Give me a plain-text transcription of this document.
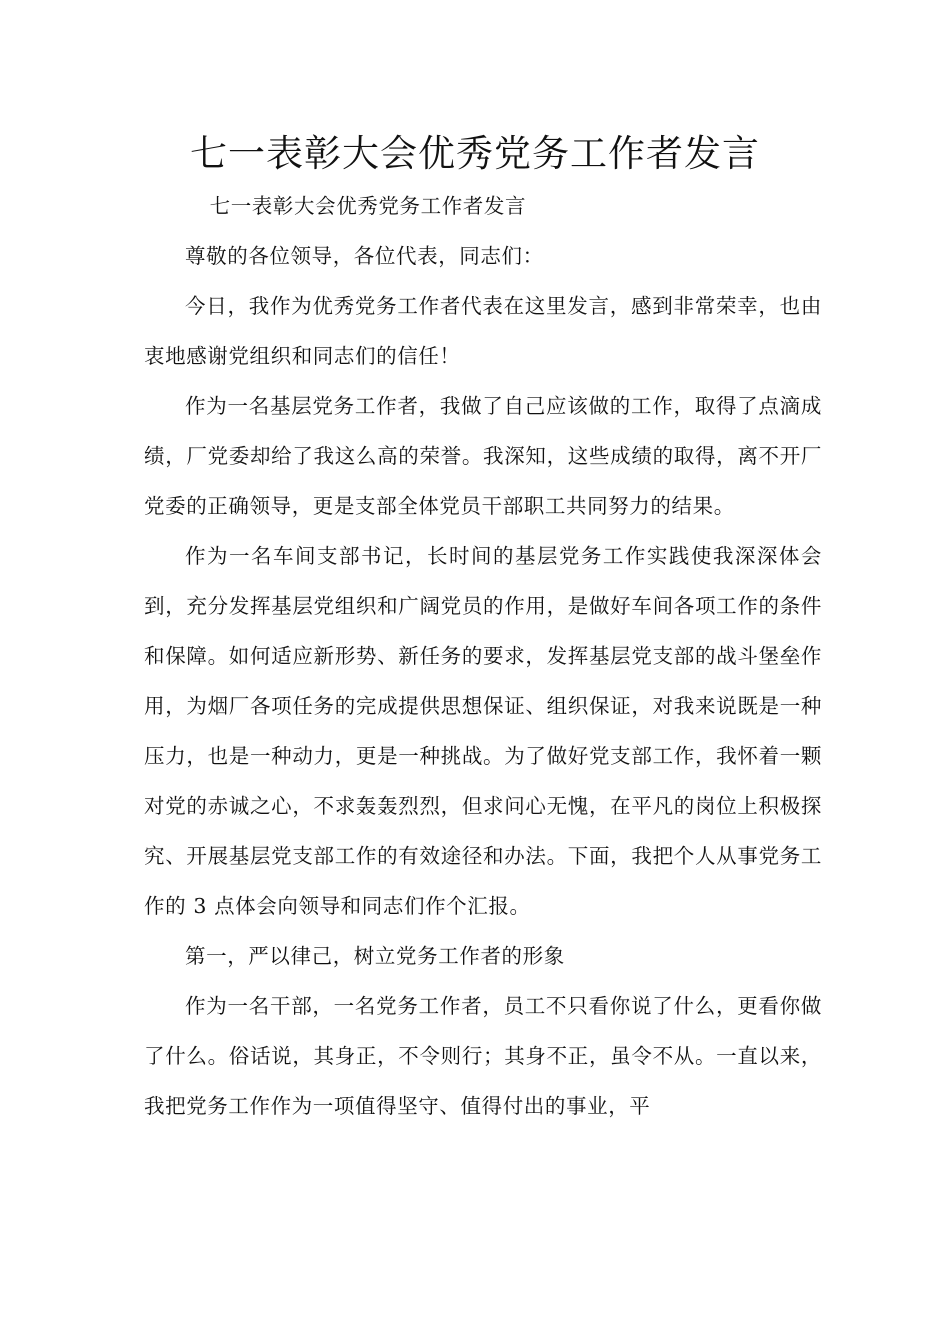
七一表彰大会优秀党务工作者发言

七一表彰大会优秀党务工作者发言

尊敬的各位领导，各位代表，同志们：

今日，我作为优秀党务工作者代表在这里发言，感到非常荣幸，也由衷地感谢党组织和同志们的信任！

作为一名基层党务工作者，我做了自己应该做的工作，取得了点滴成绩，厂党委却给了我这么高的荣誉。我深知，这些成绩的取得，离不开厂党委的正确领导，更是支部全体党员干部职工共同努力的结果。

作为一名车间支部书记，长时间的基层党务工作实践使我深深体会到，充分发挥基层党组织和广阔党员的作用，是做好车间各项工作的条件和保障。如何适应新形势、新任务的要求，发挥基层党支部的战斗堡垒作用，为烟厂各项任务的完成提供思想保证、组织保证，对我来说既是一种压力，也是一种动力，更是一种挑战。为了做好党支部工作，我怀着一颗对党的赤诚之心，不求轰轰烈烈，但求问心无愧，在平凡的岗位上积极探究、开展基层党支部工作的有效途径和办法。下面，我把个人从事党务工作的 3 点体会向领导和同志们作个汇报。

第一，严以律己，树立党务工作者的形象

作为一名干部，一名党务工作者，员工不只看你说了什么，更看你做了什么。俗话说，其身正，不令则行；其身不正，虽令不从。一直以来，我把党务工作作为一项值得坚守、值得付出的事业，平
